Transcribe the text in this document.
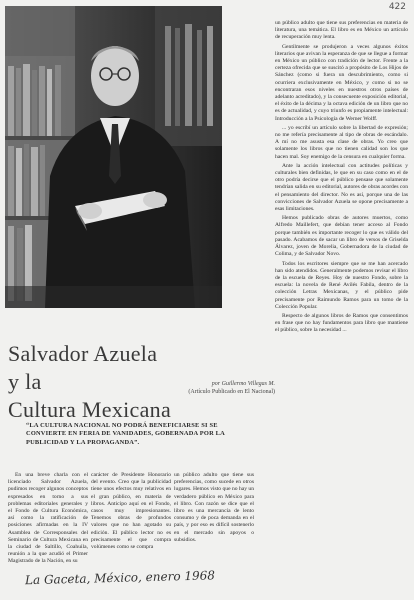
422

un público adulto que tiene sus preferencias en materia de literatura, una temática. El libro es en México un artículo de recuperación muy lenta.

Gentilmente se produjeron a veces algunos éxitos literarios que avivan la esperanza de que se llegue a formar en México un público con tradición de lector. Frente a la certeza ofrecida que se suscitó a propósito de Los Hijos de Sánchez (como si fuera un descubrimiento, como si ocurriera exclusivamente en México, y como si no se encontraran esos niveles en nuestros otros países de adelanto acreditado), y la consecuente exposición editorial, el éxito de la décima y la octava edición de un libro que no es de actualidad, y cuyo triunfo es propiamente intelectual: Introducción a la Psicología de Werner Wolff.

... yo escribí un artículo sobre la libertad de expresión; no me refería precisamente al tipo de obras de escándalo. A mí no me asusta esa clase de obras. Yo creo que solamente los libros que no tienen calidad son los que hacen mal. Soy enemigo de la censura en cualquier forma.

Ante la acción intelectual con actitudes políticas y culturales bien definidas, le que en su caso como en el de otro podría decirse que el público pensase que solamente tendrían salida en su editorial, autores de obras acordes con el pensamiento del director. No es así, porque una de las convicciones de Salvador Azuela se opone precisamente a esas limitaciones.

Hemos publicado obras de autores muertos, como Alfredo Maillefert, que debían tener acceso al Fondo porque también es importante recoger lo que es válido del pasado. Acabamos de sacar un libro de versos de Griselda Álvarez, joven de Morelia, Gobernadora de la ciudad de Colima, y de Salvador Novo.

Todos los escritores siempre que se me han acercado han sido atendidos. Generalmente podemos revisar el libro de la escuela de Reyes. Hoy de nuestro Fondo, sobre la escuela: la novela de René Avilés Fabila, dentro de la colección Letras Mexicanas, y el público pide precisamente por Raimundo Ramos para un tomo de la Colección Popular.

Respecto de algunos libros de Ramos que consentimos en frase que no hay fundamentos para libro que mantiene el público, sobre la necesidad ...

Salvador Azuela
y la
Cultura Mexicana
por Guillermo Villegas M.
(Artículo Publicado en El Nacional)
“LA CULTURA NACIONAL NO PODRÁ BENEFICIARSE SI SE CONVIERTE EN FERIA DE VANIDADES, GOBERNADA POR LA PUBLICIDAD Y LA PROPAGANDA”.

En una breve charla con el licenciado Salvador Azuela, pudimos recoger algunos conceptos expresados en torno a sus problemas editoriales generales y el Fondo de Cultura Económica, así como la ratificación de posiciones afirmadas en la IV Asamblea de Corresponsales del Seminario de Cultura Mexicana en la ciudad de Saltillo, Coahuila, reunión a la que acudió el Primer Magistrado de la Nación, en su

carácter de Presidente Honorario del evento. Creo que la publicidad tiene unos efectos muy relativos en el gran público, en materia de libros. Anticipo aquí en el Fondo, casos muy impresionantes. Tenemos obras de profundos valores que no han agotado su edición. El público lector no es precisamente el que compra volúmenes como se compra

un público adulto que tiene sus preferencias, como sucede en otros lugares. Hemos visto que no hay un verdadero público en México para el libro. Con razón se dice que el libro es una mercancía de lento consumo y de poca demanda en el país, y por eso es difícil sostenerlo en el mercado sin apoyos o subsidios.

La Gaceta, México, enero 1968
